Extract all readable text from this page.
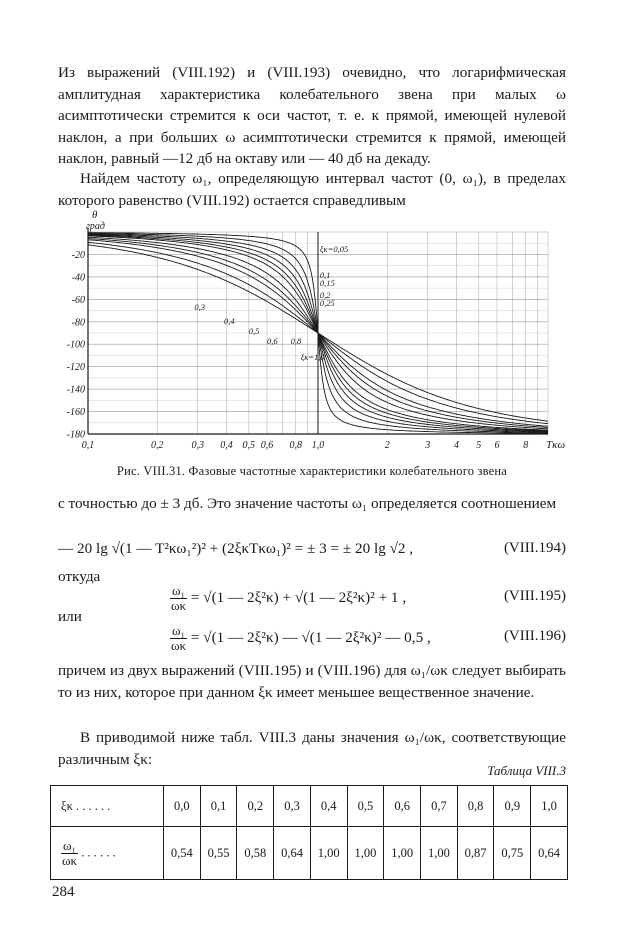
Из выражений (VIII.192) и (VIII.193) очевидно, что логарифмическая амплитудная характеристика колебательного звена при малых ω асимптотически стремится к оси частот, т. е. к прямой, имеющей нулевой наклон, а при больших ω асимптотически стремится к прямой, имеющей наклон, равный —12 дб на октаву или — 40 дб на декаду.
Найдем частоту ω₁, определяющую интервал частот (0, ω₁), в пределах которого равенство (VIII.192) остается справедливым
-20
-40
-60
-80
-100
-120
-140
-160
-180
0,1	0,2	0,3 0,4 0,5 0,6 0,8 1,0	2	3 4 5 6 8
θ
град
Tκω
ξκ=0,05
0,1
0,15
0,2
0,25
0,3
0,4
0,5
0,6 0,8
ξκ=1,0
Рис. VIII.31. Фазовые частотные характеристики колебательного звена
с точностью до ± 3 дб. Это значение частоты ω₁ определяется соотношением
— 20 lg √(1 — T²κω₁²)² + (2ξκTκω₁)² = ± 3 = ± 20 lg √2 ,	(VIII.194)
откуда
$\frac{\text{ω₁}}{\omega\kappa} = √(1$ — 2ξ²κ) + √(1 — 2ξ²κ)² + 1 ,	(VIII.195)
или
$\frac{\text{ω₁}}{\omega\kappa} = √(1$ — 2ξ²κ) — √(1 — 2ξ²κ)² — 0,5 ,	(VIII.196)
причем из двух выражений (VIII.195) и (VIII.196) для ω₁/ωκ следует выбирать то из них, которое при данном ξκ имеет меньшее вещественное значение.
В приводимой ниже табл. VIII.3 даны значения ω₁/ωκ, соответствующие различным ξκ:
Таблица VIII.3
ξκ . . . . . .	0,0	0,1	0,2	0,3	0,4	0,5	0,6	0,7	0,8	0,9	1,0

$\frac{\text{ω₁}}{\omega\kappa}$ . . . . . .	0,54	0,55	0,58	0,64	1,00	1,00	1,00	1,00	0,87	0,75	0,64
284
